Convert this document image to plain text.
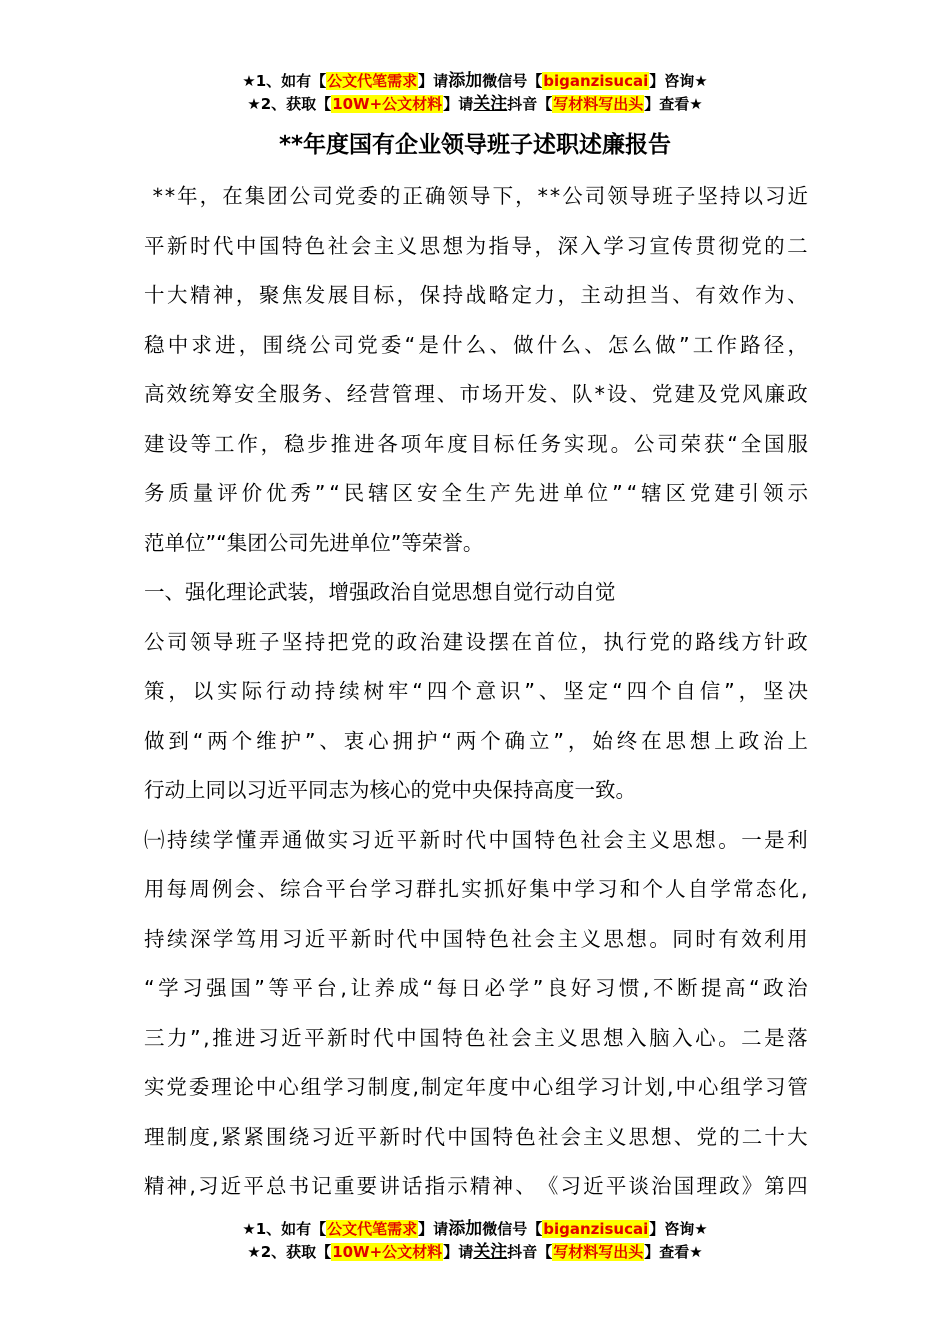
★1、如有【公文代笔需求】请添加微信号【biganzisucai】咨询★
★2、获取【10W+公文材料】请关注抖音【写材料写出头】查看★
**年度国有企业领导班子述职述廉报告

* * 年 ， 在 集 团 公 司 党 委 的 正 确 领 导 下 ， * * 公 司 领 导 班 子 坚 持 以 习 近
平 新 时 代 中 国 特 色 社 会 主 义 思 想 为 指 导 ， 深 入 学 习 宣 传 贯 彻 党 的 二
十 大 精 神 ， 聚 焦 发 展 目 标 ， 保 持 战 略 定 力 ， 主 动 担 当 、 有 效 作 为 、
稳 中 求 进 ， 围 绕 公 司 党 委 “ 是 什 么 、 做 什 么 、 怎 么 做 ” 工 作 路 径 ，
高 效 统 筹 安 全 服 务 、 经 营 管 理 、 市 场 开 发 、 队 * 设 、 党 建 及 党 风 廉 政
建 设 等 工 作 ， 稳 步 推 进 各 项 年 度 目 标 任 务 实 现 。 公 司 荣 获 “ 全 国 服
务 质 量 评 价 优 秀 ” “ 民 辖 区 安 全 生 产 先 进 单 位 ” “ 辖 区 党 建 引 领 示
范单位”“集团公司先进单位”等荣誉。
一、强化理论武装，增强政治自觉思想自觉行动自觉
公 司 领 导 班 子 坚 持 把 党 的 政 治 建 设 摆 在 首 位 ， 执 行 党 的 路 线 方 针 政
策 ， 以 实 际 行 动 持 续 树 牢 “ 四 个 意 识 ” 、 坚 定 “ 四 个 自 信 ” ， 坚 决
做 到 “ 两 个 维 护 ” 、 衷 心 拥 护 “ 两 个 确 立 ” ， 始 终 在 思 想 上 政 治 上
行动上同以习近平同志为核心的党中央保持高度一致。
㈠ 持 续 学 懂 弄 通 做 实 习 近 平 新 时 代 中 国 特 色 社 会 主 义 思 想 。 一 是 利
用 每 周 例 会 、 综 合 平 台 学 习 群 扎 实 抓 好 集 中 学 习 和 个 人 自 学 常 态 化 ,
持 续 深 学 笃 用 习 近 平 新 时 代 中 国 特 色 社 会 主 义 思 想 。 同 时 有 效 利 用
“ 学 习 强 国 ” 等 平 台 , 让 养 成 “ 每 日 必 学 ” 良 好 习 惯 , 不 断 提 高 “ 政 治
三 力 ” , 推 进 习 近 平 新 时 代 中 国 特 色 社 会 主 义 思 想 入 脑 入 心 。 二 是 落
实 党 委 理 论 中 心 组 学 习 制 度 , 制 定 年 度 中 心 组 学 习 计 划 , 中 心 组 学 习 管
理 制 度 , 紧 紧 围 绕 习 近 平 新 时 代 中 国 特 色 社 会 主 义 思 想 、 党 的 二 十 大
精 神 , 习 近 平 总 书 记 重 要 讲 话 指 示 精 神 、 《 习 近 平 谈 治 国 理 政 》 第 四
★1、如有【公文代笔需求】请添加微信号【biganzisucai】咨询★
★2、获取【10W+公文材料】请关注抖音【写材料写出头】查看★
